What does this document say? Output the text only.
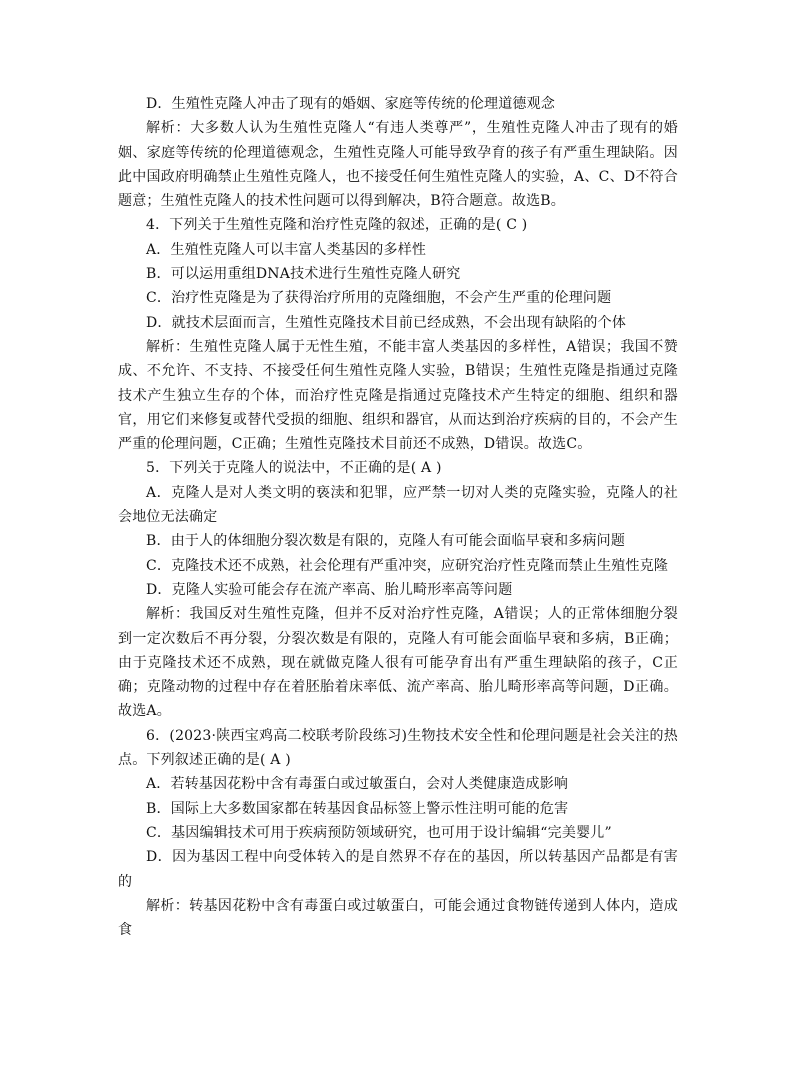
D．生殖性克隆人冲击了现有的婚姻、家庭等传统的伦理道德观念

解析：大多数人认为生殖性克隆人“有违人类尊严”，生殖性克隆人冲击了现有的婚姻、家庭等传统的伦理道德观念，生殖性克隆人可能导致孕育的孩子有严重生理缺陷。因此中国政府明确禁止生殖性克隆人，也不接受任何生殖性克隆人的实验，A、C、D不符合题意；生殖性克隆人的技术性问题可以得到解决，B符合题意。故选B。

4．下列关于生殖性克隆和治疗性克隆的叙述，正确的是( C )

A．生殖性克隆人可以丰富人类基因的多样性

B．可以运用重组DNA技术进行生殖性克隆人研究

C．治疗性克隆是为了获得治疗所用的克隆细胞，不会产生严重的伦理问题

D．就技术层面而言，生殖性克隆技术目前已经成熟，不会出现有缺陷的个体

解析：生殖性克隆人属于无性生殖，不能丰富人类基因的多样性，A错误；我国不赞成、不允许、不支持、不接受任何生殖性克隆人实验，B错误；生殖性克隆是指通过克隆技术产生独立生存的个体，而治疗性克隆是指通过克隆技术产生特定的细胞、组织和器官，用它们来修复或替代受损的细胞、组织和器官，从而达到治疗疾病的目的，不会产生严重的伦理问题，C正确；生殖性克隆技术目前还不成熟，D错误。故选C。

5．下列关于克隆人的说法中，不正确的是( A )

A．克隆人是对人类文明的亵渎和犯罪，应严禁一切对人类的克隆实验，克隆人的社会地位无法确定

B．由于人的体细胞分裂次数是有限的，克隆人有可能会面临早衰和多病问题

C．克隆技术还不成熟，社会伦理有严重冲突，应研究治疗性克隆而禁止生殖性克隆

D．克隆人实验可能会存在流产率高、胎儿畸形率高等问题

解析：我国反对生殖性克隆，但并不反对治疗性克隆，A错误；人的正常体细胞分裂到一定次数后不再分裂，分裂次数是有限的，克隆人有可能会面临早衰和多病，B正确；由于克隆技术还不成熟，现在就做克隆人很有可能孕育出有严重生理缺陷的孩子，C正确；克隆动物的过程中存在着胚胎着床率低、流产率高、胎儿畸形率高等问题，D正确。故选A。

6．(2023·陕西宝鸡高二校联考阶段练习)生物技术安全性和伦理问题是社会关注的热点。下列叙述正确的是( A )

A．若转基因花粉中含有毒蛋白或过敏蛋白，会对人类健康造成影响

B．国际上大多数国家都在转基因食品标签上警示性注明可能的危害

C．基因编辑技术可用于疾病预防领域研究，也可用于设计编辑“完美婴儿”

D．因为基因工程中向受体转入的是自然界不存在的基因，所以转基因产品都是有害的

解析：转基因花粉中含有毒蛋白或过敏蛋白，可能会通过食物链传递到人体内，造成食
